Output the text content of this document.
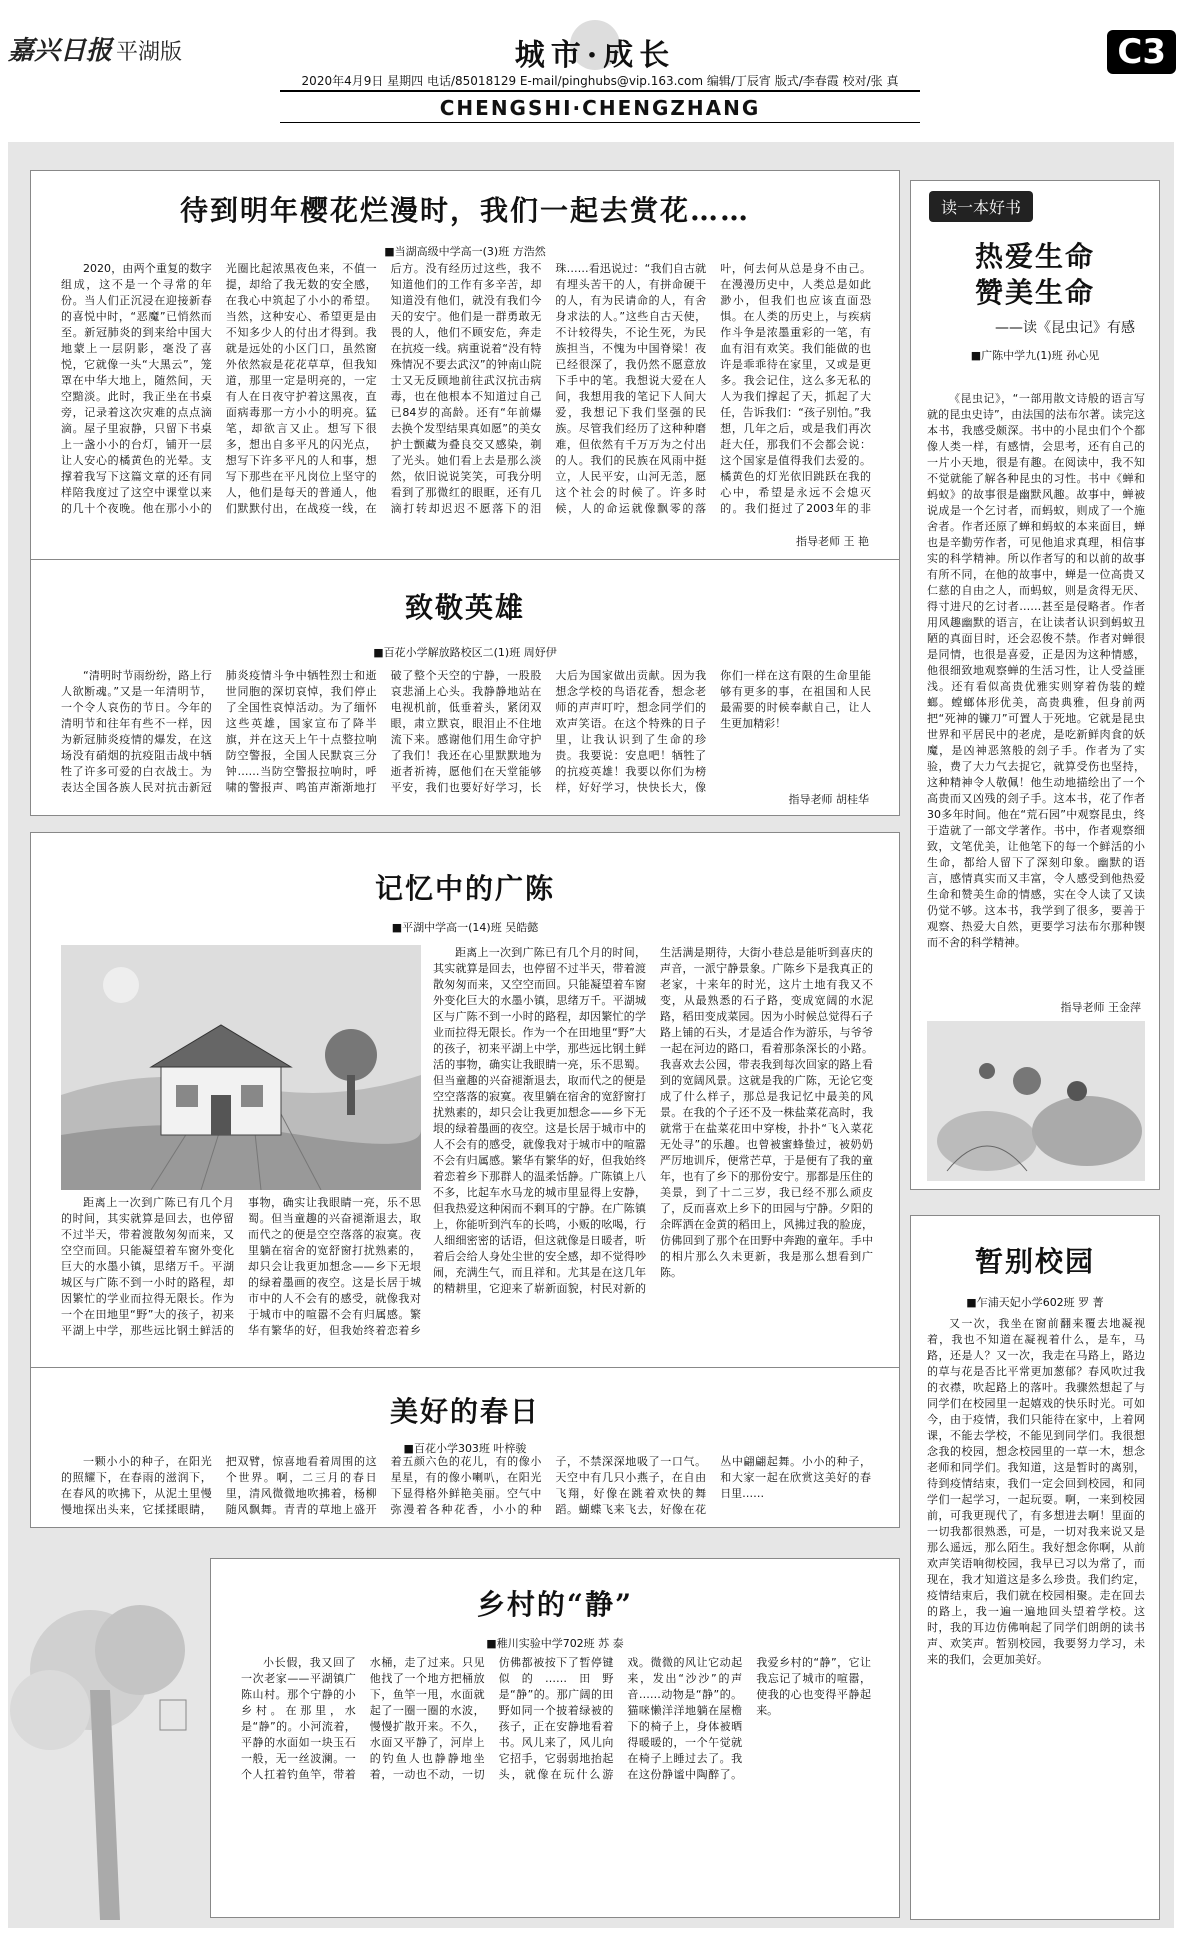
嘉兴日报 平湖版	城市·成长	C3
2020年4月9日 星期四 电话/85018129 E-mail/pinghubs@vip.163.com 编辑/丁辰宵 版式/李春霞 校对/张 真
CHENGSHI·CHENGZHANG
待到明年樱花烂漫时，我们一起去赏花……
■当湖高级中学高一(3)班 方浩然
2020，由两个重复的数字组成，这不是一个寻常的年份。当人们正沉浸在迎接新春的喜悦中时，“恶魔”已悄然而至。新冠肺炎的到来给中国大地蒙上一层阴影，毫没了喜悦，它就像一头“大黑云”，笼罩在中华大地上，随然间，天空黯淡。此时，我正坐在书桌旁，记录着这次灾难的点点滴滴。屋子里寂静，只留下书桌上一盏小小的台灯，铺开一层让人安心的橘黄色的光晕。支撑着我写下这篇文章的还有同样陪我度过了这空中课堂以来的几十个夜晚。他在那小小的光圈比起浓黑夜色来，不值一提，却给了我无数的安全感，在我心中筑起了小小的希望。当然，这种安心、希望更是由不知多少人的付出才得到。我就是远处的小区门口，虽然窗外依然寂是花花草草，但我知道，那里一定是明亮的，一定有人在日夜守护着这黑夜，直面病毒那一方小小的明亮。猛笔，却欲言又止。想写下很多，想出自多平凡的闪光点，想写下许多平凡的人和事，想写下那些在平凡岗位上坚守的人，他们是每天的普通人，他们默默付出，在战疫一线，在后方。没有经历过这些，我不知道他们的工作有多辛苦，却知道没有他们，就没有我们今天的安宁。他们是一群勇敢无畏的人，他们不顾安危，奔走在抗疫一线。病重说着“没有特殊情况不要去武汉”的钟南山院士又无反顾地前往武汉抗击病毒，也在他根本不知道过自己已84岁的高龄。还有“年前爆去换个发型结果真如愿”的美女护士颤藏为叠良交又感染，剃了光头。她们看上去是那么淡然，依旧说说笑笑，可我分明看到了那微红的眼眶，还有几滴打转却迟迟不愿落下的泪珠……看迅说过：“我们自古就有埋头苦干的人，有拼命硬干的人，有为民请命的人，有舍身求法的人。”这些自古天使，不计较得失，不论生死，为民族担当，不愧为中国脊梁！夜已经很深了，我仍然不愿意放下手中的笔。我想说大爱在人间，我想用我的笔记下人间大爱，我想记下我们坚强的民族。尽管我们经历了这种种磨难，但依然有千万万为之付出的人。我们的民族在风雨中挺立，人民平安，山河无恙，愿这个社会的时候了。许多时候，人的命运就像飘零的落叶，何去何从总是身不由己。在漫漫历史中，人类总是如此渺小，但我们也应该直面恐惧。在人类的历史上，与疾病作斗争是浓墨重彩的一笔，有血有泪有欢笑。我们能做的也许是乖乖待在家里，又或是更多。我会记住，这么多无私的人为我们撑起了天，抓起了大任，告诉我们：“孩子别怕。”我想，几年之后，或是我们再次赶大任，那我们不会都会说：这个国家是值得我们去爱的。橘黄色的灯光依旧跳跃在我的心中，希望是永远不会熄灭的。我们挺过了2003年的非
指导老师 王 艳
致敬英雄
■百花小学解放路校区二(1)班 周妤伊
“清明时节雨纷纷，路上行人欲断魂。”又是一年清明节，一个令人哀伤的节日。今年的清明节和往年有些不一样，因为新冠肺炎疫情的爆发，在这场没有硝烟的抗疫阻击战中牺牲了许多可爱的白衣战士。为表达全国各族人民对抗击新冠肺炎疫情斗争中牺牲烈士和逝世同胞的深切哀悼，我们停止了全国性哀悼活动。为了缅怀这些英雄，国家宣布了降半旗，并在这天上午十点整拉响防空警报，全国人民默哀三分钟……当防空警报拉响时，呼啸的警报声、鸣笛声渐渐地打破了整个天空的宁静，一股股哀悲涌上心头。我静静地站在电视机前，低垂着头，紧闭双眼，肃立默哀，眼泪止不住地流下来。感谢他们用生命守护了我们！我还在心里默默地为逝者祈祷，愿他们在天堂能够平安，我们也要好好学习，长大后为国家做出贡献。因为我想念学校的鸟语花香，想念老师的声声叮咛，想念同学们的欢声笑语。在这个特殊的日子里，让我认识到了生命的珍贵。我要说：安息吧！牺牲了的抗疫英雄！我要以你们为榜样，好好学习，快快长大，像你们一样在这有限的生命里能够有更多的事，在祖国和人民最需要的时候奉献自己，让人生更加精彩！
指导老师 胡桂华
记忆中的广陈
■平湖中学高一(14)班 吴皓懿
距离上一次到广陈已有几个月的时间，其实就算是回去，也停留不过半天，带着渡散匆匆而来，又空空而回。只能凝望着车窗外变化巨大的水墨小镇，思绪万千。平湖城区与广陈不到一小时的路程，却因繁忙的学业而拉得无限长。作为一个在田地里“野”大的孩子，初来平湖上中学，那些远比钢土鲜活的事物，确实让我眼睛一亮，乐不思蜀。但当童趣的兴奋褪渐退去，取而代之的便是空空落落的寂寞。夜里躺在宿舍的宽舒窗打扰熟素的，却只会让我更加想念——乡下无垠的绿着墨画的夜空。这是长居于城市中的人不会有的感受，就像我对于城市中的喧嚣不会有归属感。繁华有繁华的好，但我始终着恋着乡
距离上一次到广陈已有几个月的时间，其实就算是回去，也停留不过半天，带着渡散匆匆而来，又空空而回。只能凝望着车窗外变化巨大的水墨小镇，思绪万千。平湖城区与广陈不到一小时的路程，却因繁忙的学业而拉得无限长。作为一个在田地里“野”大的孩子，初来平湖上中学，那些远比钢土鲜活的事物，确实让我眼睛一亮，乐不思蜀。但当童趣的兴奋褪渐退去，取而代之的便是空空落落的寂寞。夜里躺在宿舍的宽舒窗打扰熟素的，却只会让我更加想念——乡下无垠的绿着墨画的夜空。这是长居于城市中的人不会有的感受，就像我对于城市中的喧嚣不会有归属感。繁华有繁华的好，但我始终着恋着乡下那群人的温柔恬静。广陈镇上八不多，比起车水马龙的城市里显得上安静，但我热爱这种闲而不剩耳的宁静。在广陈镇上，你能听到汽车的长鸣，小贩的吆喝，行人细细密密的话语，但这就像是日暖者，听着后会给人身处尘世的安全感，却不觉得吵闹，充满生气，而且祥和。尤其是在这几年的精耕里，它迎来了崭新面貌，村民对新的生活满是期待，大街小巷总是能听到喜庆的声音，一派宁静景象。广陈乡下是我真正的老家，十来年的时光，这片土地有我又不变，从最熟悉的石子路，变成宽阔的水泥路，稻田变成菜园。因为小时候总觉得石子路上铺的石头，才是适合作为游乐，与爷爷一起在河边的路口，看着那条深长的小路。我喜欢去公园，带表我到每次回家的路上看到的宽阔风景。这就是我的广陈，无论它变成了什么样子，那总是我记忆中最美的风景。在我的个子还不及一株盐菜花高时，我就常于在盐菜花田中穿梭，扑扑“飞入菜花无处寻”的乐趣。也曾被蜜蜂蛰过，被奶奶严厉地训斥，便常芒草，于是便有了我的童年，也有了乡下的那份安宁。那都是压住的美景，到了十二三岁，我已经不那么顽皮了，反而喜欢上乡下的田园与宁静。夕阳的余晖洒在金黄的稻田上，风拂过我的脸庞，仿佛回到了那个在田野中奔跑的童年。手中的相片那么久未更新，我是那么想看到广陈。
美好的春日
■百花小学303班 叶梓骏
一颗小小的种子，在阳光的照耀下，在春雨的滋润下，在春风的吹拂下，从泥土里慢慢地探出头来，它揉揉眼睛，把双臂，惊喜地看着周围的这个世界。啊，二三月的春日里，清风微微地吹拂着，杨柳随风飘舞。青青的草地上盛开着五颜六色的花儿，有的像小星星，有的像小喇叭，在阳光下显得格外鲜艳美丽。空气中弥漫着各种花香，小小的种子，不禁深深地吸了一口气。天空中有几只小燕子，在自由飞翔，好像在跳着欢快的舞蹈。蝴蝶飞来飞去，好像在花丛中翩翩起舞。小小的种子，和大家一起在欣赏这美好的春日里……
乡村的“静”
■稚川实验中学702班 苏 泰
小长假，我又回了一次老家——平湖镇广陈山村。那个宁静的小乡村。在那里，水是“静”的。小河流着，平静的水面如一块玉石一般，无一丝波澜。一个人扛着钓鱼竿，带着水桶，走了过来。只见他找了一个地方把桶放下，鱼竿一甩，水面就起了一圈一圈的水波，慢慢扩散开来。不久，水面又平静了，河岸上的钓鱼人也静静地坐着，一动也不动，一切仿佛都被按下了暂停键似的……田野是“静”的。那广阔的田野如同一个披着绿被的孩子，正在安静地看着书。风儿来了，风儿向它招手，它弱弱地抬起头，就像在玩什么游戏。微微的风让它动起来，发出“沙沙”的声音……动物是“静”的。猫咪懒洋洋地躺在屋檐下的椅子上，身体被晒得暖暖的，一个午觉就在椅子上睡过去了。我在这份静谧中陶醉了。我爱乡村的“静”，它让我忘记了城市的喧嚣，使我的心也变得平静起来。
读一本好书
热爱生命
赞美生命
——读《昆虫记》有感
■广陈中学九(1)班 孙心见
《昆虫记》，“一部用散文诗般的语言写就的昆虫史诗”，由法国的法布尔著。读完这本书，我感受颇深。书中的小昆虫们个个都像人类一样，有感情，会思考，还有自己的一片小天地，很是有趣。在阅读中，我不知不觉就能了解各种昆虫的习性。书中《蝉和蚂蚁》的故事很是幽默风趣。故事中，蝉被说成是一个乞讨者，而蚂蚁，则成了一个施舍者。作者还原了蝉和蚂蚁的本来面目，蝉也是辛勤劳作者，可见他追求真理，相信事实的科学精神。所以作者写的和以前的故事有所不同，在他的故事中，蝉是一位高贵又仁慈的自由之人，而蚂蚁，则是贪得无厌、得寸进尺的乞讨者……甚至是侵略者。作者用风趣幽默的语言，在让读者认识到蚂蚁丑陋的真面目时，还会忍俊不禁。作者对蝉很是同情，也很是喜爱，正是因为这种情感，他很细致地观察蝉的生活习性，让人受益匪浅。还有看似高贵优雅实则穿着伪装的螳螂。螳螂体形优美，高贵典雅，但身前两把“死神的镰刀”可置人于死地。它就是昆虫世界和平居民中的老虎，是吃新鲜肉食的妖魔，是凶神恶煞般的刽子手。作者为了实验，费了大力气去捉它，就算受伤也坚持，这种精神令人敬佩！他生动地描绘出了一个高贵而又凶残的刽子手。这本书，花了作者30多年时间。他在“荒石园”中观察昆虫，终于造就了一部文学著作。书中，作者观察细致，文笔优美，让他笔下的每一个鲜活的小生命，都给人留下了深刻印象。幽默的语言，感情真实而又丰富，令人感受到他热爱生命和赞美生命的情感，实在令人读了又读仍觉不够。这本书，我学到了很多，要善于观察、热爱大自然，更要学习法布尔那种锲而不舍的科学精神。
指导老师 王金萍
暂别校园
■乍浦天妃小学602班 罗 菁
又一次，我坐在窗前翻来覆去地凝视着，我也不知道在凝视着什么，是车，马路，还是人？又一次，我走在马路上，路边的草与花是否比平常更加葱郁？春风吹过我的衣襟，吹起路上的落叶。我骤然想起了与同学们在校园里一起嬉戏的快乐时光。可如今，由于疫情，我们只能待在家中，上着网课，不能去学校，不能见到同学们。我很想念我的校园，想念校园里的一草一木，想念老师和同学们。我知道，这是暂时的离别，待到疫情结束，我们一定会回到校园，和同学们一起学习，一起玩耍。啊，一来到校园前，可我更现代了，有多想进去啊！里面的一切我都很熟悉，可是，一切对我来说又是那么遥远，那么陌生。我好想念你啊，从前欢声笑语响彻校园，我早已习以为常了，而现在，我才知道这是多么珍贵。我们约定，疫情结束后，我们就在校园相聚。走在回去的路上，我一遍一遍地回头望着学校。这时，我的耳边仿佛响起了同学们朗朗的读书声、欢笑声。暂别校园，我要努力学习，未来的我们，会更加美好。
